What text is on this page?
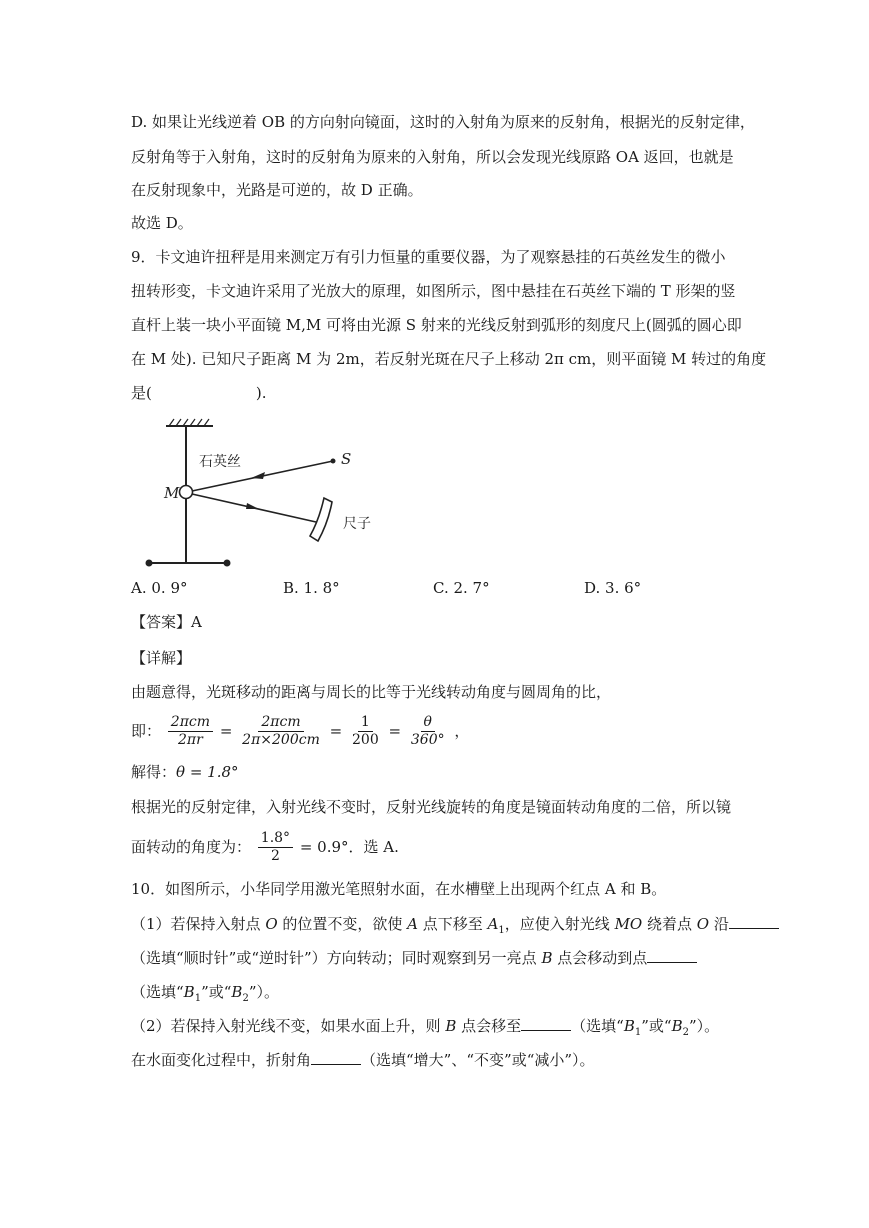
D. 如果让光线逆着 OB 的方向射向镜面，这时的入射角为原来的反射角，根据光的反射定律，
反射角等于入射角，这时的反射角为原来的入射角，所以会发现光线原路 OA 返回，也就是
在反射现象中，光路是可逆的，故 D 正确。
故选 D。
9．卡文迪许扭秤是用来测定万有引力恒量的重要仪器，为了观察悬挂的石英丝发生的微小
扭转形变，卡文迪许采用了光放大的原理，如图所示，图中悬挂在石英丝下端的 T 形架的竖
直杆上装一块小平面镜 M,M 可将由光源 S 射来的光线反射到弧形的刻度尺上(圆弧的圆心即
在 M 处). 已知尺子距离 M 为 2m，若反射光斑在尺子上移动 2π cm，则平面镜 M 转过的角度
是(	).
石英丝	S
M
尺子
A. 0. 9°	B. 1. 8°	C. 2. 7°	D. 3. 6°
【答案】A
【详解】
由题意得，光斑移动的距离与周长的比等于光线转动角度与圆周角的比，
即： $\frac{\text{2πcm}}{2\pi r} = \frac{\text{2πcm}}{2\pi\times 200cm} = \frac{1}{200} = \frac{\theta}{360^\circ}$ ，
解得：θ = 1.8°
根据光的反射定律，入射光线不变时，反射光线旋转的角度是镜面转动角度的二倍，所以镜
面转动的角度为： $\frac{1.8^\circ}{2} = 0.9^\circ$．选 A.
10．如图所示，小华同学用激光笔照射水面，在水槽壁上出现两个红点 A 和 B。
（1）若保持入射点 O 的位置不变，欲使 A 点下移至 $A_1$，应使入射光线 MO 绕着点 O 沿
（选填“顺时针”或“逆时针”）方向转动；同时观察到另一亮点 B 点会移动到点
（选填“$B_1$”或“$B_2$”）。
（2）若保持入射光线不变，如果水面上升，则 B 点会移至	（选填“$B_1$”或“$B_2$”）。
在水面变化过程中，折射角	（选填“增大”、“不变”或“减小”）。
